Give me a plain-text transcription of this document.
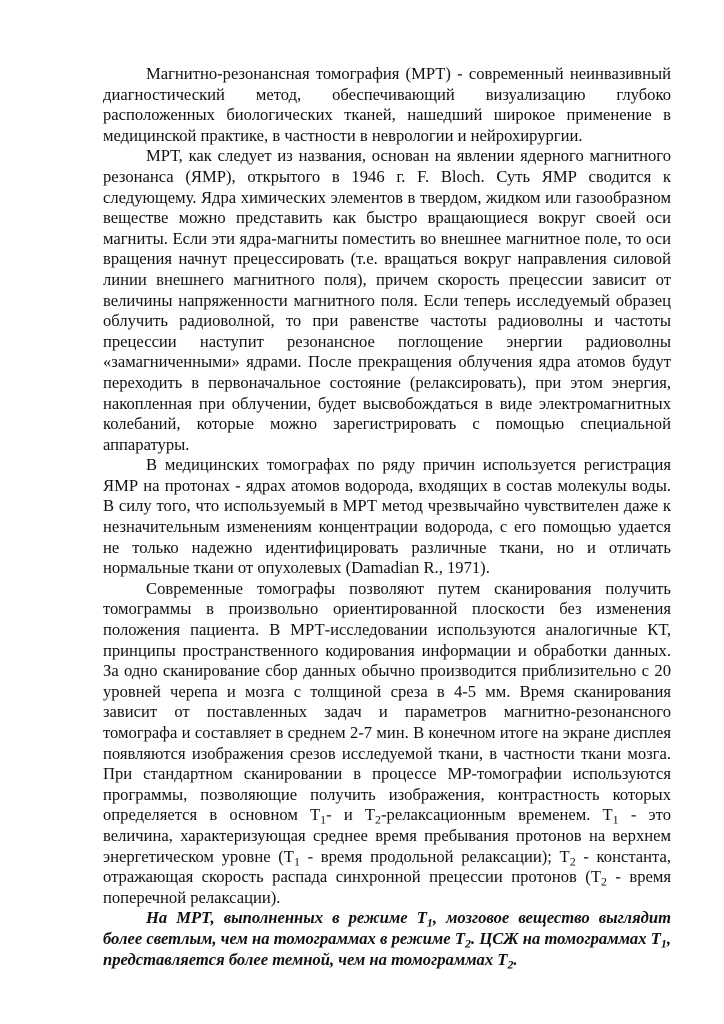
Магнитно-резонансная томография (МРТ) - современный неинвазивный диагностический метод, обеспечивающий визуализацию глубоко расположенных биологических тканей, нашедший широкое применение в медицинской практике, в частности в неврологии и нейрохирургии.

МРТ, как следует из названия, основан на явлении ядерного магнитного резонанса (ЯМР), открытого в 1946 г. F. Bloch. Суть ЯМР сводится к следующему. Ядра химических элементов в твердом, жидком или газообразном веществе можно представить как быстро вращающиеся вокруг своей оси магниты. Если эти ядра-магниты поместить во внешнее магнитное поле, то оси вращения начнут прецессировать (т.е. вращаться вокруг направления силовой линии внешнего магнитного поля), причем скорость прецессии зависит от величины напряженности магнитного поля. Если теперь исследуемый образец облучить радиоволной, то при равенстве частоты радиоволны и частоты прецессии наступит резонансное поглощение энергии радиоволны «замагниченными» ядрами. После прекращения облучения ядра атомов будут переходить в первоначальное состояние (релаксировать), при этом энергия, накопленная при облучении, будет высвобождаться в виде электромагнитных колебаний, которые можно зарегистрировать с помощью специальной аппаратуры.

В медицинских томографах по ряду причин используется регистрация ЯМР на протонах - ядрах атомов водорода, входящих в состав молекулы воды. В силу того, что используемый в МРТ метод чрезвычайно чувствителен даже к незначительным изменениям концентрации водорода, с его помощью удается не только надежно идентифицировать различные ткани, но и отличать нормальные ткани от опухолевых (Damadian R., 1971).

Современные томографы позволяют путем сканирования получить томограммы в произвольно ориентированной плоскости без изменения положения пациента. В МРТ-исследовании используются аналогичные КТ, принципы пространственного кодирования информации и обработки данных. За одно сканирование сбор данных обычно производится приблизительно с 20 уровней черепа и мозга с толщиной среза в 4-5 мм. Время сканирования зависит от поставленных задач и параметров магнитно-резонансного томографа и составляет в среднем 2-7 мин. В конечном итоге на экране дисплея появляются изображения срезов исследуемой ткани, в частности ткани мозга. При стандартном сканировании в процессе МР-томографии используются программы, позволяющие получить изображения, контрастность которых определяется в основном $T_1-$ и $T_2$-релаксационным временем. $T_1$ - это величина, характеризующая среднее время пребывания протонов на верхнем энергетическом уровне ($T_1$ - время продольной релаксации); $T_2$ - константа, отражающая скорость распада синхронной прецессии протонов ($T_2$ - время поперечной релаксации).

На МРТ, выполненных в режиме $T_1$, мозговое вещество выглядит более светлым, чем на томограммах в режиме $T_2$. ЦСЖ на томограммах $T_1$, представляется более темной, чем на томограммах $T_2$.
